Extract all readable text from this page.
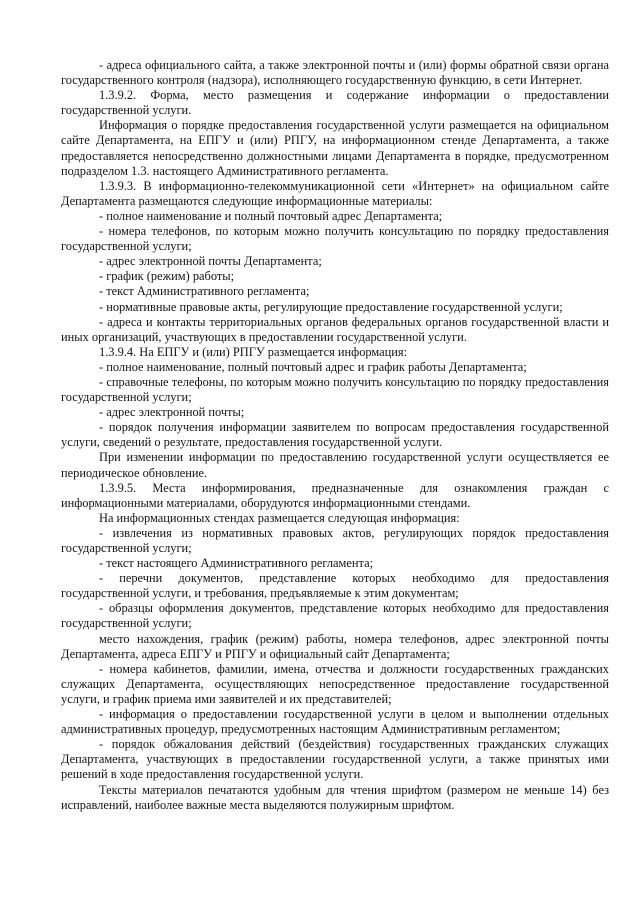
- адреса официального сайта, а также электронной почты и (или) формы обратной связи органа государственного контроля (надзора), исполняющего государственную функцию, в сети Интернет.

1.3.9.2. Форма, место размещения и содержание информации о предоставлении государственной услуги.

Информация о порядке предоставления государственной услуги размещается на официальном сайте Департамента, на ЕПГУ и (или) РПГУ, на информационном стенде Департамента, а также предоставляется непосредственно должностными лицами Департамента в порядке, предусмотренном подразделом 1.3. настоящего Административного регламента.

1.3.9.3. В информационно-телекоммуникационной сети «Интернет» на официальном сайте Департамента размещаются следующие информационные материалы:

- полное наименование и полный почтовый адрес Департамента;

- номера телефонов, по которым можно получить консультацию по порядку предоставления государственной услуги;

- адрес электронной почты Департамента;

- график (режим) работы;

- текст Административного регламента;

- нормативные правовые акты, регулирующие предоставление государственной услуги;

- адреса и контакты территориальных органов федеральных органов государственной власти и иных организаций, участвующих в предоставлении государственной услуги.

1.3.9.4. На ЕПГУ и (или) РПГУ размещается информация:

- полное наименование, полный почтовый адрес и график работы Департамента;

- справочные телефоны, по которым можно получить консультацию по порядку предоставления государственной услуги;

- адрес электронной почты;

- порядок получения информации заявителем по вопросам предоставления государственной услуги, сведений о результате, предоставления государственной услуги.

При изменении информации по предоставлению государственной услуги осуществляется ее периодическое обновление.

1.3.9.5. Места информирования, предназначенные для ознакомления граждан с информационными материалами, оборудуются информационными стендами.

На информационных стендах размещается следующая информация:

- извлечения из нормативных правовых актов, регулирующих порядок предоставления государственной услуги;

- текст настоящего Административного регламента;

- перечни документов, представление которых необходимо для предоставления государственной услуги, и требования, предъявляемые к этим документам;

- образцы оформления документов, представление которых необходимо для предоставления государственной услуги;

место нахождения, график (режим) работы, номера телефонов, адрес электронной почты Департамента, адреса ЕПГУ и РПГУ и официальный сайт Департамента;

- номера кабинетов, фамилии, имена, отчества и должности государственных гражданских служащих Департамента, осуществляющих непосредственное предоставление государственной услуги, и график приема ими заявителей и их представителей;

- информация о предоставлении государственной услуги в целом и выполнении отдельных административных процедур, предусмотренных настоящим Административным регламентом;

- порядок обжалования действий (бездействия) государственных гражданских служащих Департамента, участвующих в предоставлении государственной услуги, а также принятых ими решений в ходе предоставления государственной услуги.

Тексты материалов печатаются удобным для чтения шрифтом (размером не меньше 14) без исправлений, наиболее важные места выделяются полужирным шрифтом.
